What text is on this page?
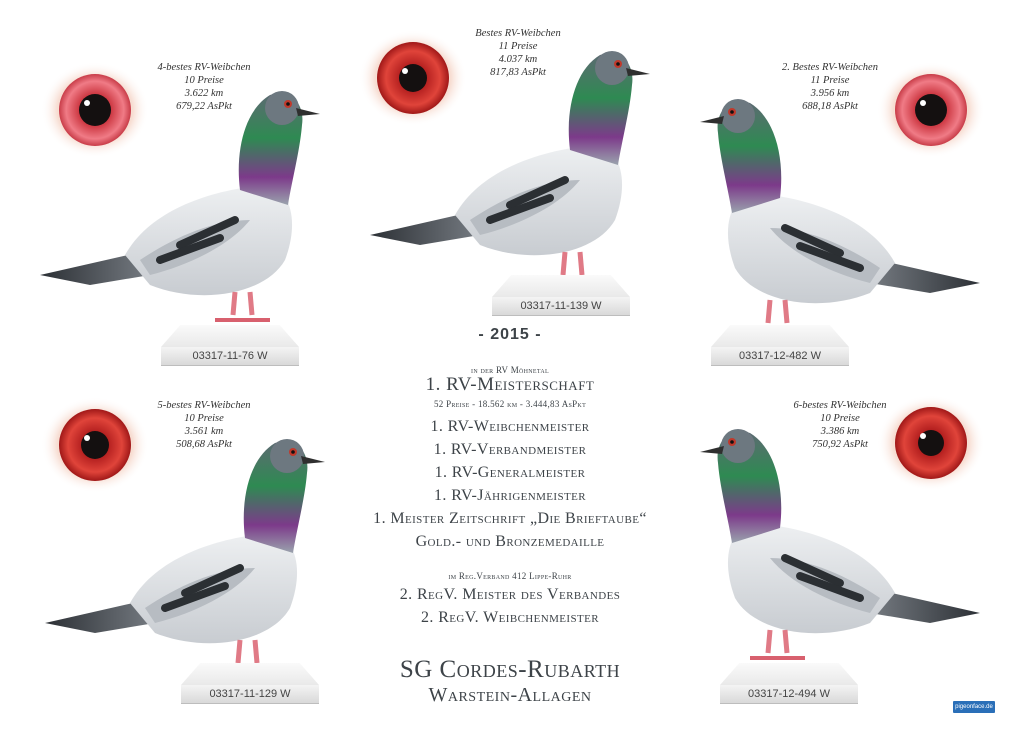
4-bestes RV-Weibchen
10 Preise
3.622 km
679,22 AsPkt
03317-11-76 W
Bestes RV-Weibchen
11 Preise
4.037 km
817,83 AsPkt
03317-11-139 W
2. Bestes RV-Weibchen
11 Preise
3.956 km
688,18 AsPkt
03317-12-482 W
5-bestes RV-Weibchen
10 Preise
3.561 km
508,68 AsPkt
03317-11-129 W
6-bestes RV-Weibchen
10 Preise
3.386 km
750,92 AsPkt
03317-12-494 W
- 2015 -
in der RV Möhnetal
1. RV-Meisterschaft
52 Preise - 18.562 km - 3.444,83 AsPkt
1. RV-Weibchenmeister
1. RV-Verbandmeister
1. RV-Generalmeister
1. RV-Jährigenmeister
1. Meister Zeitschrift „Die Brieftaube“
Gold.- und Bronzemedaille
im Reg.Verband 412 Lippe-Ruhr
2. RegV. Meister des Verbandes
2. RegV. Weibchenmeister
SG Cordes-Rubarth
Warstein-Allagen
pigeonface.de
